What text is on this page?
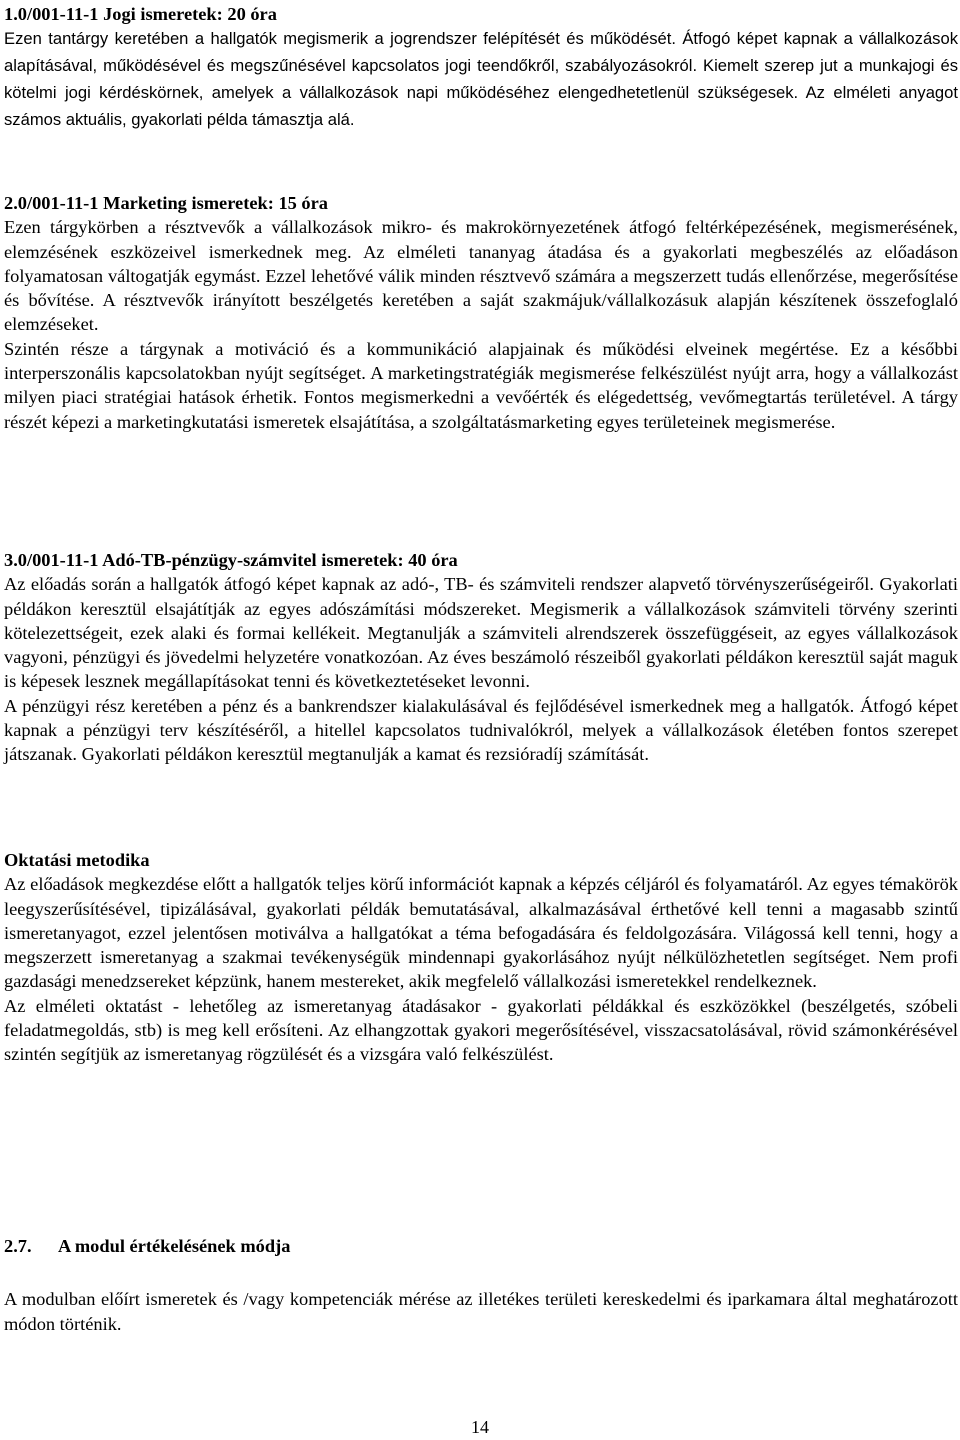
1.0/001-11-1 Jogi ismeretek: 20 óra

Ezen tantárgy keretében a hallgatók megismerik a jogrendszer felépítését és működését. Átfogó képet kapnak a vállalkozások alapításával, működésével és megszűnésével kapcsolatos jogi teendőkről, szabályozásokról. Kiemelt szerep jut a munkajogi és kötelmi jogi kérdéskörnek, amelyek a vállalkozások napi működéséhez elengedhetetlenül szükségesek. Az elméleti anyagot számos aktuális, gyakorlati példa támasztja alá.

2.0/001-11-1 Marketing ismeretek: 15 óra

Ezen tárgykörben a résztvevők a vállalkozások mikro- és makrokörnyezetének átfogó feltérképezésének, megismerésének, elemzésének eszközeivel ismerkednek meg. Az elméleti tananyag átadása és a gyakorlati megbeszélés az előadáson folyamatosan váltogatják egymást. Ezzel lehetővé válik minden résztvevő számára a megszerzett tudás ellenőrzése, megerősítése és bővítése. A résztvevők irányított beszélgetés keretében a saját szakmájuk/vállalkozásuk alapján készítenek összefoglaló elemzéseket.

Szintén része a tárgynak a motiváció és a kommunikáció alapjainak és működési elveinek megértése. Ez a későbbi interperszonális kapcsolatokban nyújt segítséget. A marketingstratégiák megismerése felkészülést nyújt arra, hogy a vállalkozást milyen piaci stratégiai hatások érhetik. Fontos megismerkedni a vevőérték és elégedettség, vevőmegtartás területével. A tárgy részét képezi a marketingkutatási ismeretek elsajátítása, a szolgáltatásmarketing egyes területeinek megismerése.

3.0/001-11-1 Adó-TB-pénzügy-számvitel ismeretek: 40 óra

Az előadás során a hallgatók átfogó képet kapnak az adó-, TB- és számviteli rendszer alapvető törvényszerűségeiről. Gyakorlati példákon keresztül elsajátítják az egyes adószámítási módszereket. Megismerik a vállalkozások számviteli törvény szerinti kötelezettségeit, ezek alaki és formai kellékeit. Megtanulják a számviteli alrendszerek összefüggéseit, az egyes vállalkozások vagyoni, pénzügyi és jövedelmi helyzetére vonatkozóan. Az éves beszámoló részeiből gyakorlati példákon keresztül saját maguk is képesek lesznek megállapításokat tenni és következtetéseket levonni.

A pénzügyi rész keretében a pénz és a bankrendszer kialakulásával és fejlődésével ismerkednek meg a hallgatók. Átfogó képet kapnak a pénzügyi terv készítéséről, a hitellel kapcsolatos tudnivalókról, melyek a vállalkozások életében fontos szerepet játszanak. Gyakorlati példákon keresztül megtanulják a kamat és rezsióradíj számítását.

Oktatási metodika

Az előadások megkezdése előtt a hallgatók teljes körű információt kapnak a képzés céljáról és folyamatáról. Az egyes témakörök leegyszerűsítésével, tipizálásával, gyakorlati példák bemutatásával, alkalmazásával érthetővé kell tenni a magasabb szintű ismeretanyagot, ezzel jelentősen motiválva a hallgatókat a téma befogadására és feldolgozására. Világossá kell tenni, hogy a megszerzett ismeretanyag a szakmai tevékenységük mindennapi gyakorlásához nyújt nélkülözhetetlen segítséget. Nem profi gazdasági menedzsereket képzünk, hanem mestereket, akik megfelelő vállalkozási ismeretekkel rendelkeznek.

Az elméleti oktatást - lehetőleg az ismeretanyag átadásakor - gyakorlati példákkal és eszközökkel (beszélgetés, szóbeli feladatmegoldás, stb) is meg kell erősíteni. Az elhangzottak gyakori megerősítésével, visszacsatolásával, rövid számonkérésével szintén segítjük az ismeretanyag rögzülését és a vizsgára való felkészülést.

2.7. A modul értékelésének módja

A modulban előírt ismeretek és /vagy kompetenciák mérése az illetékes területi kereskedelmi és iparkamara által meghatározott módon történik.

14
